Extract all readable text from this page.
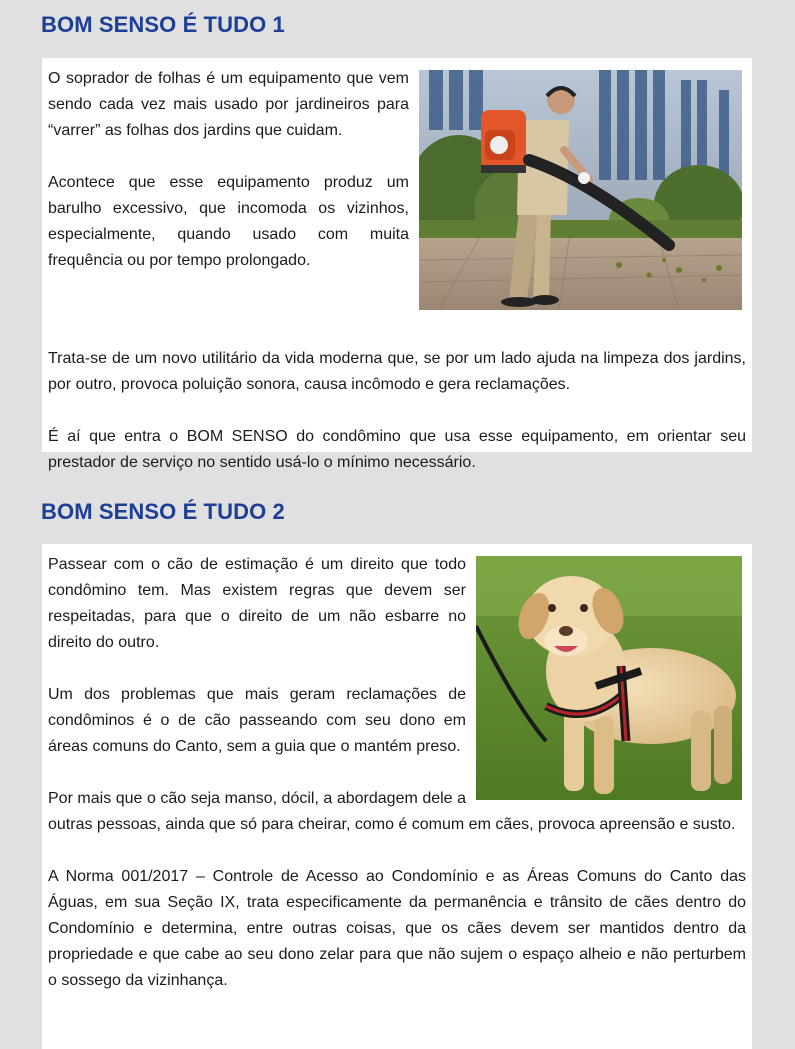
BOM SENSO É TUDO 1

O soprador de folhas é um equipamento que vem sendo cada vez mais usado por jardineiros para “varrer” as folhas dos jardins que cuidam.

Acontece que esse equipamento produz um barulho excessivo, que incomoda os vizinhos, especialmente, quando usado com muita frequência ou por tempo prolongado.

Trata-se de um novo utilitário da vida moderna que, se por um lado ajuda na limpeza dos jardins, por outro, provoca poluição sonora, causa incômodo e gera reclamações.

É aí que entra o BOM SENSO do condômino que usa esse equipamento, em orientar seu prestador de serviço no sentido usá-lo o mínimo necessário.

BOM SENSO É TUDO 2

Passear com o cão de estimação é um direito que todo condômino tem. Mas existem regras que devem ser respeitadas, para que o direito de um não esbarre no direito do outro.

Um dos problemas que mais geram reclamações de condôminos é o de cão passeando com seu dono em áreas comuns do Canto, sem a guia que o mantém preso.

Por mais que o cão seja manso, dócil, a abordagem dele a outras pessoas, ainda que só para cheirar, como é comum em cães, provoca apreensão e susto.

A Norma 001/2017 – Controle de Acesso ao Condomínio e as Áreas Comuns do Canto das Águas, em sua Seção IX, trata especificamente da permanência e trânsito de cães dentro do Condomínio e determina, entre outras coisas, que os cães devem ser mantidos dentro da propriedade e que cabe ao seu dono zelar para que não sujem o espaço alheio e não perturbem o sossego da vizinhança.
